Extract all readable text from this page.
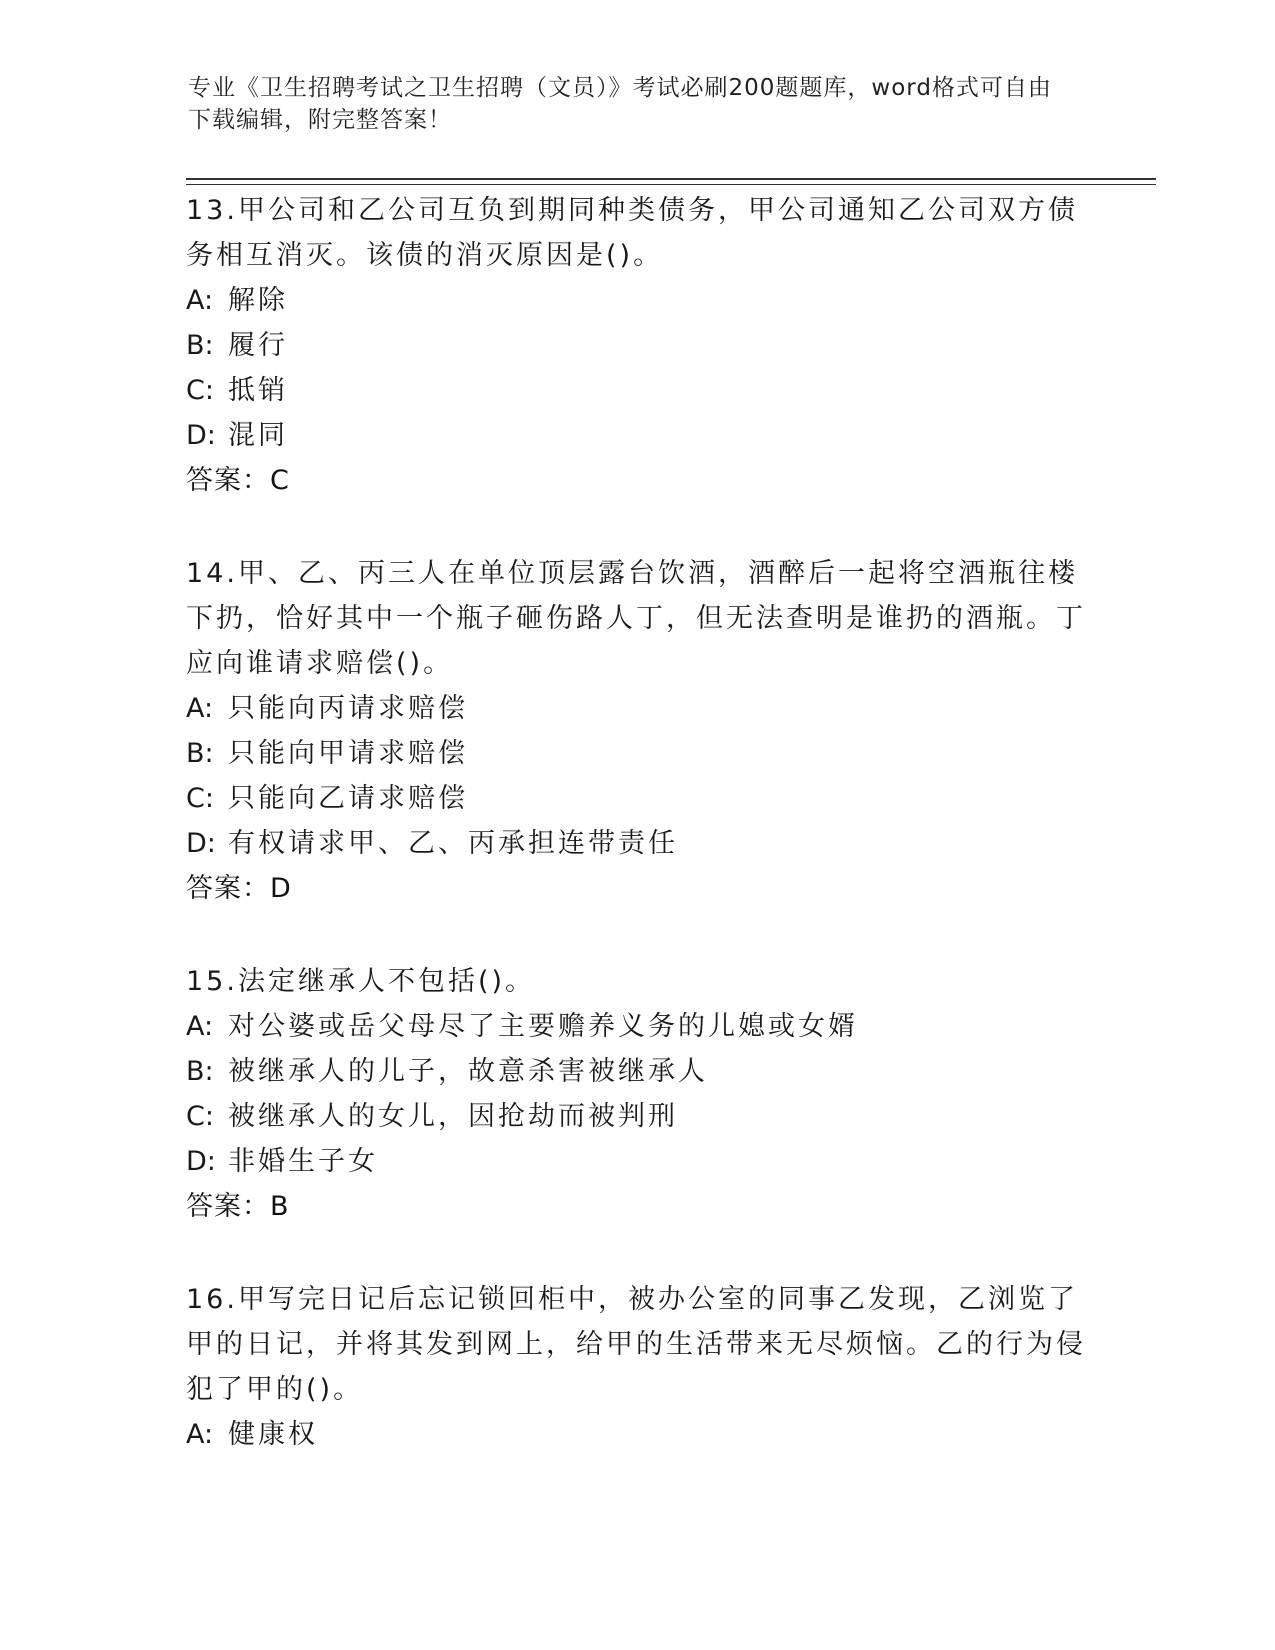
专业《卫生招聘考试之卫生招聘（文员）》考试必刷200题题库，word格式可自由下载编辑，附完整答案！
13.甲公司和乙公司互负到期同种类债务，甲公司通知乙公司双方债务相互消灭。该债的消灭原因是()。
A: 解除
B: 履行
C: 抵销
D: 混同
答案：C
14.甲、乙、丙三人在单位顶层露台饮酒，酒醉后一起将空酒瓶往楼下扔，恰好其中一个瓶子砸伤路人丁，但无法查明是谁扔的酒瓶。丁应向谁请求赔偿()。
A: 只能向丙请求赔偿
B: 只能向甲请求赔偿
C: 只能向乙请求赔偿
D: 有权请求甲、乙、丙承担连带责任
答案：D
15.法定继承人不包括()。
A: 对公婆或岳父母尽了主要赡养义务的儿媳或女婿
B: 被继承人的儿子，故意杀害被继承人
C: 被继承人的女儿，因抢劫而被判刑
D: 非婚生子女
答案：B
16.甲写完日记后忘记锁回柜中，被办公室的同事乙发现，乙浏览了甲的日记，并将其发到网上，给甲的生活带来无尽烦恼。乙的行为侵犯了甲的()。
A: 健康权
